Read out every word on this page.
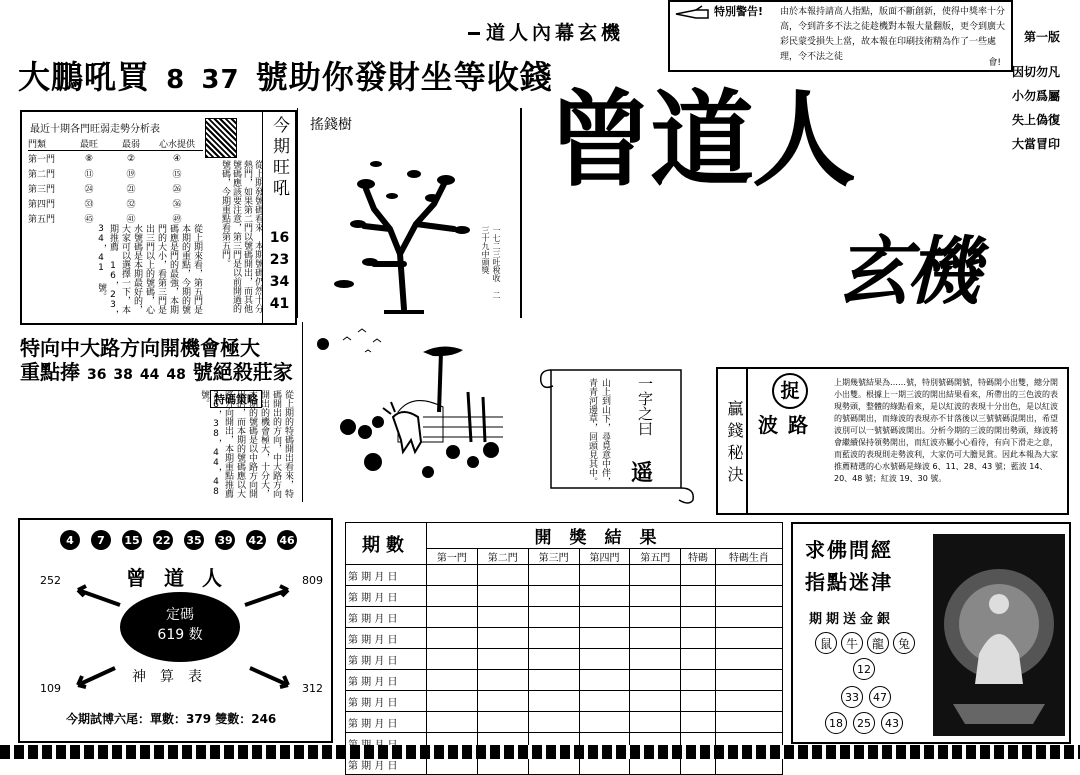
道人內幕玄機
特別警告! 由於本報持請高人指點，版面不斷創新，使得中獎率十分高，令到許多不法之徒趁機對本報大量翻版，更令到廣大彩民蒙受損失上當，故本報在印刷技術精為作了一些處理，令不法之徒
會!
第一版
因切勿凡
小勿爲屬
失上偽復
大當冒印
大鵬吼買 8 37 號助你發財坐等收錢
最近十期各門旺弱走勢分析表
門類	最旺	最弱	心水提供
第一門	⑧	②	④
第二門	⑪	⑲	⑮
第三門	㉔	㉑	㉖
第四門	㉝	㉜	㊱
第五門	㊺	㊶	㊾
從上期來看，第五門是本期的重點，今期的號碼應是門的最強，本期門的大小，看第三門是出三門以上的號碼，心水號碼是本期最好的，大家可以選擇一下，本期推薦 16，23，34，41 號。	從上期發號碼看來，本期號碼仍然十分熱門，如果第二門以號碼開出，而其他號碼應該要注意，第三門是以前開過的號碼，今期重點看第五門。
今期旺吼
16
23
34
41
搖錢樹
一七二三吐稅收 二三十九中頭獎
曾道人
玄機
特向中大路方向開機會極大
重點捧 36 38 44 48 號絕殺莊家
特碼策略	從上期的特碼開出看來，特碼開出的方向，中大路方向開出的機會極大，十分大，本期的號碼是以中路方向開出的，而本期的號碼應以大路方向開出，本期重點推薦 36，38，44，48 號。	山上到山下，尋覓意中伴，青青河邊草，回頭見其中。	一字之曰
遥	贏錢秘決
捉
波路
上期幾號結果為……號，特別號碼開號，特碼開小出雙，總分開小出雙。根據上一期三波的開出結果看來，所帶出的三色波的表現勢頭，整體的綠點看來，是以紅波的表現十分出色，是以紅波的號碼開出，而綠波的表現亦不甘落後以三號號碼混開出，希望波別可以一號號碼波開出。分析今期的三波的開出勢頭，綠波將會繼續保持領勢開出，而紅波亦屬小心看待，有向下滑走之意，而藍波的表現則走勢波利，大家仍可大膽見賞。因此本報為大家推薦精選的心水號碼是綠波 6、11、28、43 號；藍波 14、20、48 號；紅波 19、30 號。
4	7	15 22 35 39 42 46
252	809
109	312
曾道人
定碼
619 数
神算表
今期試博六尾：單數：379 雙數：246
期數	開獎結果						
	第一門	第二門	第三門	第四門	第五門	特碼	特碼生肖
第 期 月 日							
第 期 月 日							
第 期 月 日							
第 期 月 日							
第 期 月 日							
第 期 月 日							
第 期 月 日							
第 期 月 日							

第 期 月 日							
求佛問經
指點迷津
期期送金銀
鼠	牛	龍	兔
12
33	47
18	25	43
